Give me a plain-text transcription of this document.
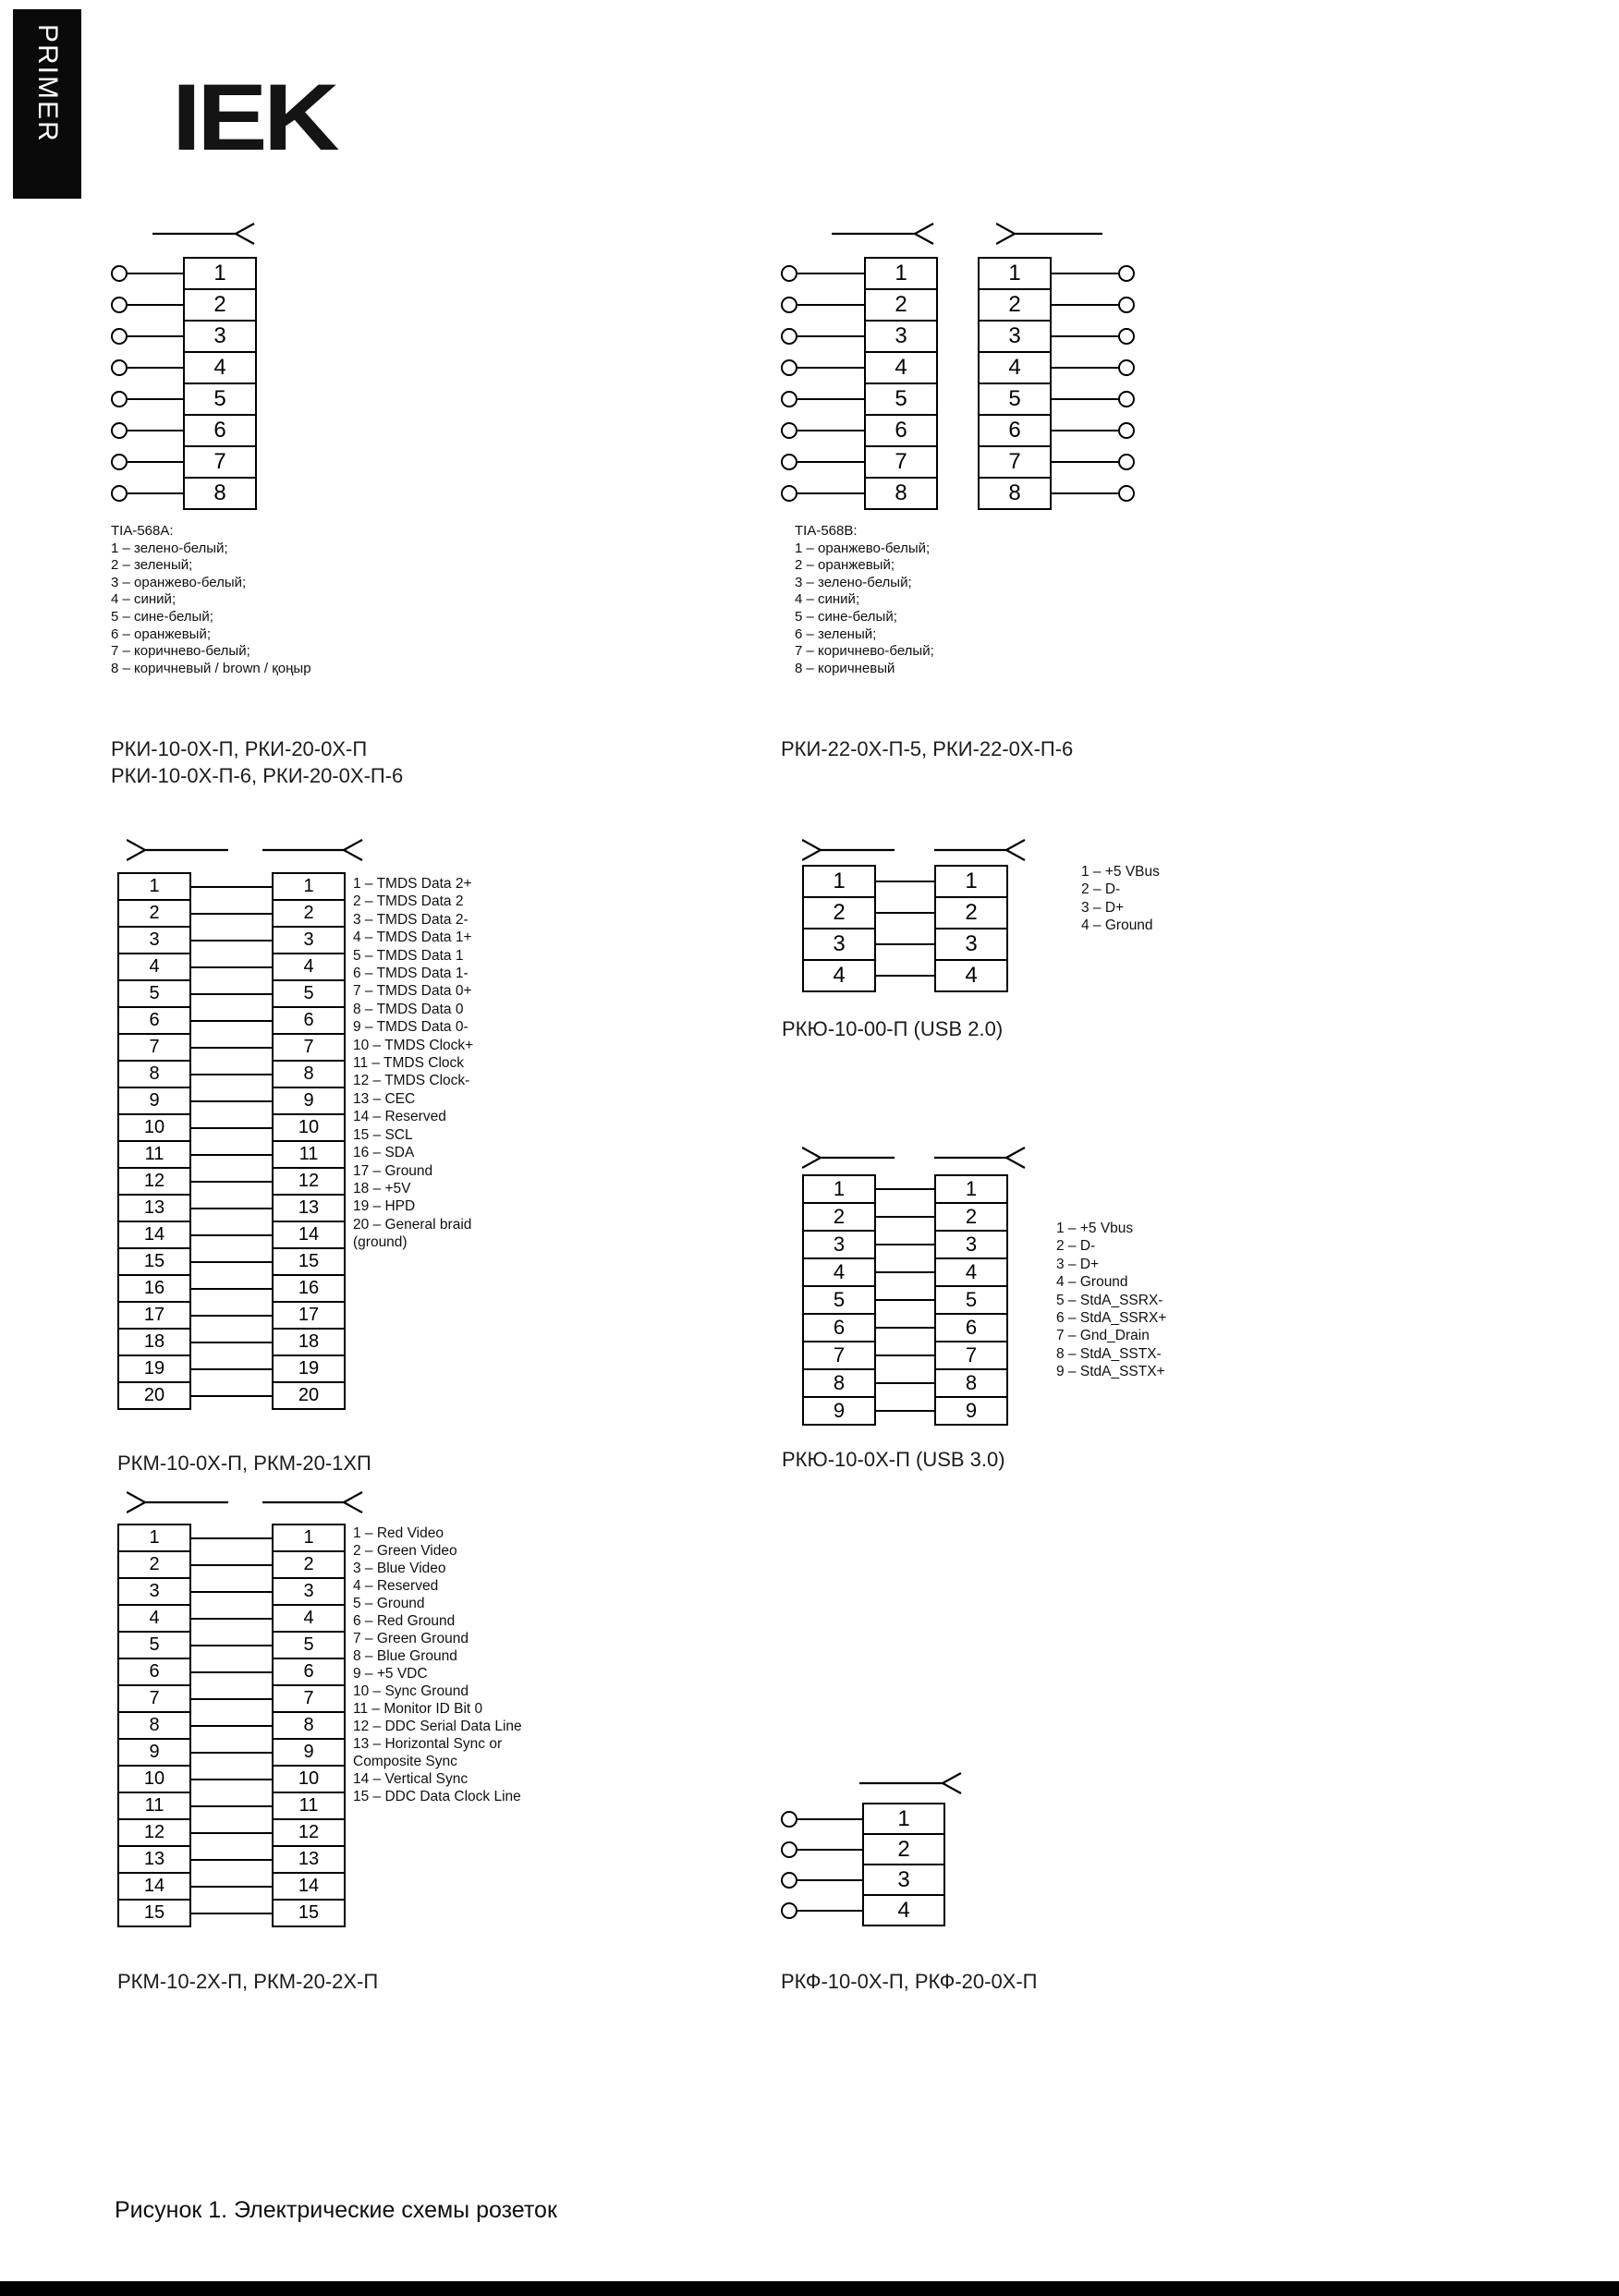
PRIMER IEK
1
2
3
4
5
6
7
8
TIA-568A:
1 – зелено-белый;
2 – зеленый;
3 – оранжево-белый;
4 – синий;
5 – сине-белый;
6 – оранжевый;
7 – коричнево-белый;
8 – коричневый / brown / қоңыр
РКИ-10-0Х-П, РКИ-20-0Х-П
РКИ-10-0Х-П-6, РКИ-20-0Х-П-6
1
2
3
4
5
6
7
8
1
2
3
4
5
6
7
8
TIA-568B:
1 – оранжево-белый;
2 – оранжевый;
3 – зелено-белый;
4 – синий;
5 – сине-белый;
6 – зеленый;
7 – коричнево-белый;
8 – коричневый
РКИ-22-0Х-П-5, РКИ-22-0Х-П-6
1	1
2	2
3	3
4	4
5	5
6	6
7	7
8	8
9	9
10	10
11	11
12	12
13	13
14	14
15	15
16	16
17	17
18	18
19	19
20	20
1 – TMDS Data 2+
2 – TMDS Data 2
3 – TMDS Data 2-
4 – TMDS Data 1+
5 – TMDS Data 1
6 – TMDS Data 1-
7 – TMDS Data 0+
8 – TMDS Data 0
9 – TMDS Data 0-
10 – TMDS Clock+
11 – TMDS Clock
12 – TMDS Clock-
13 – CEC
14 – Reserved
15 – SCL
16 – SDA
17 – Ground
18 – +5V
19 – HPD
20 – General braid (ground)
РКМ-10-0Х-П, РКМ-20-1ХП
1	1
2	2
3	3
4	4
1 – +5 VBus
2 – D-
3 – D+
4 – Ground
РКЮ-10-00-П (USB 2.0)
1	1
2	2
3	3
4	4
5	5
6	6
7	7
8	8
9	9
1 – +5 Vbus
2 – D-
3 – D+
4 – Ground
5 – StdA_SSRX-
6 – StdA_SSRX+
7 – Gnd_Drain
8 – StdA_SSTX-
9 – StdA_SSTX+
РКЮ-10-0Х-П (USB 3.0)
1	1
2	2
3	3
4	4
5	5
6	6
7	7
8	8
9	9
10	10
11	11
12	12
13	13
14	14
15	15
1 – Red Video
2 – Green Video
3 – Blue Video
4 – Reserved
5 – Ground
6 – Red Ground
7 – Green Ground
8 – Blue Ground
9 – +5 VDC
10 – Sync Ground
11 – Monitor ID Bit 0
12 – DDC Serial Data Line
13 – Horizontal Sync or Composite Sync
14 – Vertical Sync
15 – DDC Data Clock Line
РКМ-10-2Х-П, РКМ-20-2Х-П
1
2
3
4
РКФ-10-0Х-П, РКФ-20-0Х-П
Рисунок 1. Электрические схемы розеток
